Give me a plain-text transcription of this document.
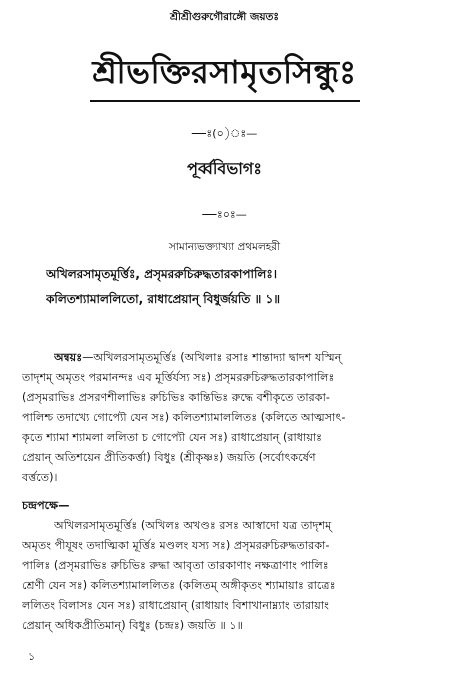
শ্রীশ্রীগুরুগৌরাঙ্গৌ জয়তঃ
শ্রীভক্তিরসামৃতসিন্ধুঃ
—ঃ(০)ঃ—
পূর্ব্ববিভাগঃ
—ঃ০ঃ—
সামান্যভক্ত্যাখ্যা প্রথমলহরী
অখিলরসামৃতমূর্ত্তিঃ, প্রসৃমররুচিরুদ্ধতারকাপালিঃ।
কলিতশ্যামাললিতো, রাধাপ্রেয়ান্ বিধুর্জয়তি ॥ ১॥
অন্বয়ঃ—অখিলরসামৃতমূর্ত্তিঃ (অখিলাঃ রসাঃ শান্তাদ্যা দ্বাদশ যস্মিন্
তাদৃশম্ অমৃতং পরমানন্দঃ এব মূর্ত্তির্যস্য সঃ) প্রসৃমররুচিরুদ্ধতারকাপালিঃ
(প্রসৃমরাভিঃ প্রসরণশীলাভিঃ রুচিভিঃ কান্তিভিঃ রুদ্ধে বশীকৃতে তারকা-
পালিশ্চ তদাখ্যে গোপ্যৌ যেন সঃ) কলিতশ্যামাললিতঃ (কলিতে আত্মসাৎ-
কৃতে শ্যামা শ্যামলা ললিতা চ গোপ্যৌ যেন সঃ) রাধাপ্রেয়ান্ (রাধায়াঃ
প্রেয়ান্ অতিশয়েন প্রীতিকর্ত্তা) বিধুঃ (শ্রীকৃষ্ণঃ) জয়তি (সর্বোৎকর্ষেণ
বর্ত্ততে)।
চন্দ্রপক্ষে—
অখিলরসামৃতমূর্ত্তিঃ (অখিলঃ অখণ্ডঃ রসঃ আস্বাদো যত্র তাদৃশম্
অমৃতং পীযূষং তদাত্মিকা মূর্ত্তিঃ মণ্ডলং যস্য সঃ) প্রসৃমররুচিরুদ্ধতারকা-
পালিঃ (প্রসৃমরাভিঃ রুচিভিঃ রুদ্ধা আবৃতা তারকাণাং নক্ষত্রাণাং পালিঃ
শ্রেণী যেন সঃ) কলিতশ্যামাললিতঃ (কলিতম্ অঙ্গীকৃতং শ্যামায়াঃ রাত্রেঃ
ললিতং বিলাসঃ যেন সঃ) রাধাপ্রেয়ান্ (রাধায়াং বিশাখানাম্ন্যাং তারায়াং
প্রেয়ান্ অধিকপ্রীতিমান্) বিধুঃ (চন্দ্রঃ) জয়তি ॥ ১॥
১
